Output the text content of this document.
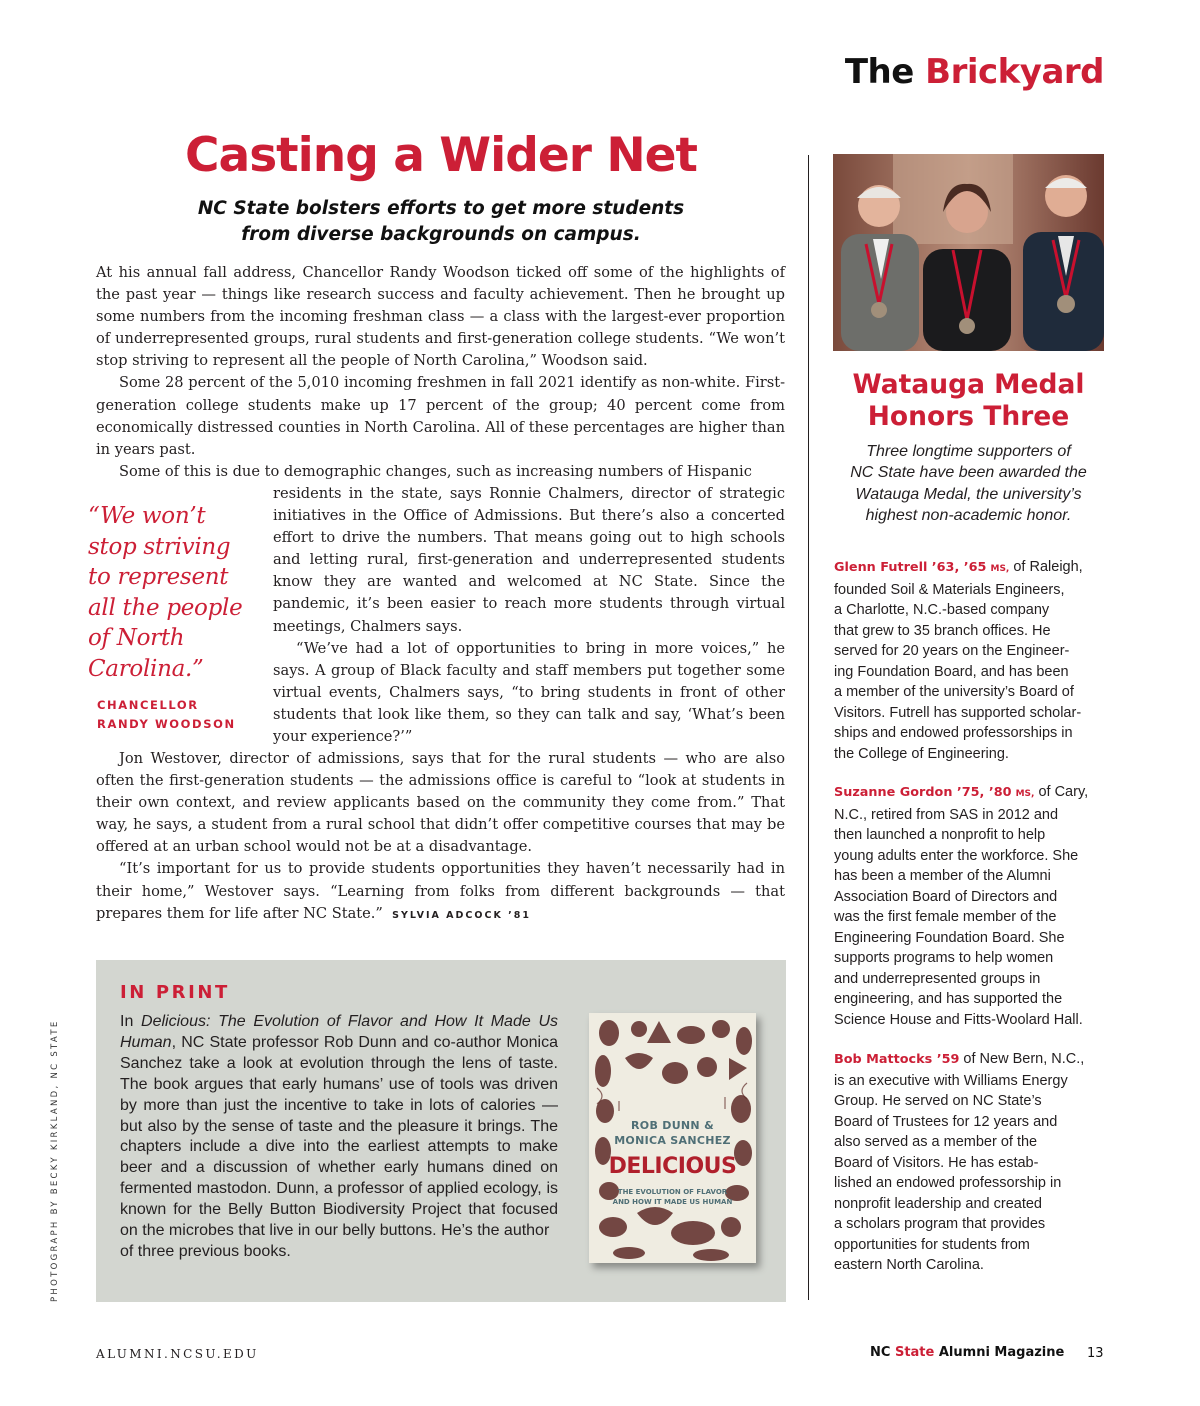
The Brickyard
Casting a Wider Net

NC State bolsters efforts to get more students
from diverse backgrounds on campus.

At his annual fall address, Chancellor Randy Woodson ticked off some of the highlights of the past year — things like research success and faculty achievement. Then he brought up some numbers from the incoming freshman class — a class with the largest-ever proportion of underrepresented groups, rural students and first-generation college students. “We won’t stop striving to represent all the people of North Carolina,” Woodson said.

Some 28 percent of the 5,010 incoming freshmen in fall 2021 identify as non-white. First-generation college students make up 17 percent of the group; 40 percent come from economically distressed counties in North Carolina. All of these percentages are higher than in years past.

Some of this is due to demographic changes, such as increasing numbers of Hispanic

“We won’t stop striving to represent all the people of North Carolina.”

CHANCELLOR
RANDY WOODSON

residents in the state, says Ronnie Chalmers, director of strategic initiatives in the Office of Admissions. But there’s also a concerted effort to drive the numbers. That means going out to high schools and letting rural, first-generation and underrepresented students know they are wanted and welcomed at NC State. Since the pandemic, it’s been easier to reach more students through virtual meetings, Chalmers says.

“We’ve had a lot of opportunities to bring in more voices,” he says. A group of Black faculty and staff members put together some virtual events, Chalmers says, “to bring students in front of other students that look like them, so they can talk and say, ‘What’s been your experience?’”

Jon Westover, director of admissions, says that for the rural students — who are also often the first-generation students — the admissions office is careful to “look at students in their own context, and review applicants based on the community they come from.” That way, he says, a student from a rural school that didn’t offer competitive courses that may be offered at an urban school would not be at a disadvantage.

“It’s important for us to provide students opportunities they haven’t necessarily had in their home,” Westover says. “Learning from folks from different backgrounds — that prepares them for life after NC State.” SYLVIA ADCOCK ’81

IN PRINT

In Delicious: The Evolution of Flavor and How It Made Us Human, NC State professor Rob Dunn and co-author Monica Sanchez take a look at evolution through the lens of taste. The book argues that early humans’ use of tools was driven by more than just the incentive to take in lots of calories — but also by the sense of taste and the pleasure it brings. The chapters include a dive into the earliest attempts to make beer and a discussion of whether early humans dined on fermented mastodon. Dunn, a professor of applied ecology, is known for the Belly Button Biodiversity Project that focused on the microbes that live in our belly buttons. He’s the author
of three previous books.

ROB DUNN &
MONICA SANCHEZ
DELICIOUS
THE EVOLUTION OF FLAVOR
AND HOW IT MADE US HUMAN
PHOTOGRAPH BY BECKY KIRKLAND, NC STATE
Watauga Medal
Honors Three

Three longtime supporters of
NC State have been awarded the
Watauga Medal, the university’s
highest non-academic honor.

Glenn Futrell ’63, ’65 MS, of Raleigh,
founded Soil & Materials Engineers,
a Charlotte, N.C.-based company
that grew to 35 branch offices. He
served for 20 years on the Engineer-
ing Foundation Board, and has been
a member of the university’s Board of
Visitors. Futrell has supported scholar-
ships and endowed professorships in
the College of Engineering.

Suzanne Gordon ’75, ’80 MS, of Cary,
N.C., retired from SAS in 2012 and
then launched a nonprofit to help
young adults enter the workforce. She
has been a member of the Alumni
Association Board of Directors and
was the first female member of the
Engineering Foundation Board. She
supports programs to help women
and underrepresented groups in
engineering, and has supported the
Science House and Fitts-Woolard Hall.

Bob Mattocks ’59 of New Bern, N.C.,
is an executive with Williams Energy
Group. He served on NC State’s
Board of Trustees for 12 years and
also served as a member of the
Board of Visitors. He has estab-
lished an endowed professorship in
nonprofit leadership and created
a scholars program that provides
opportunities for students from
eastern North Carolina.

ALUMNI.NCSU.EDU	NC State Alumni Magazine 13
